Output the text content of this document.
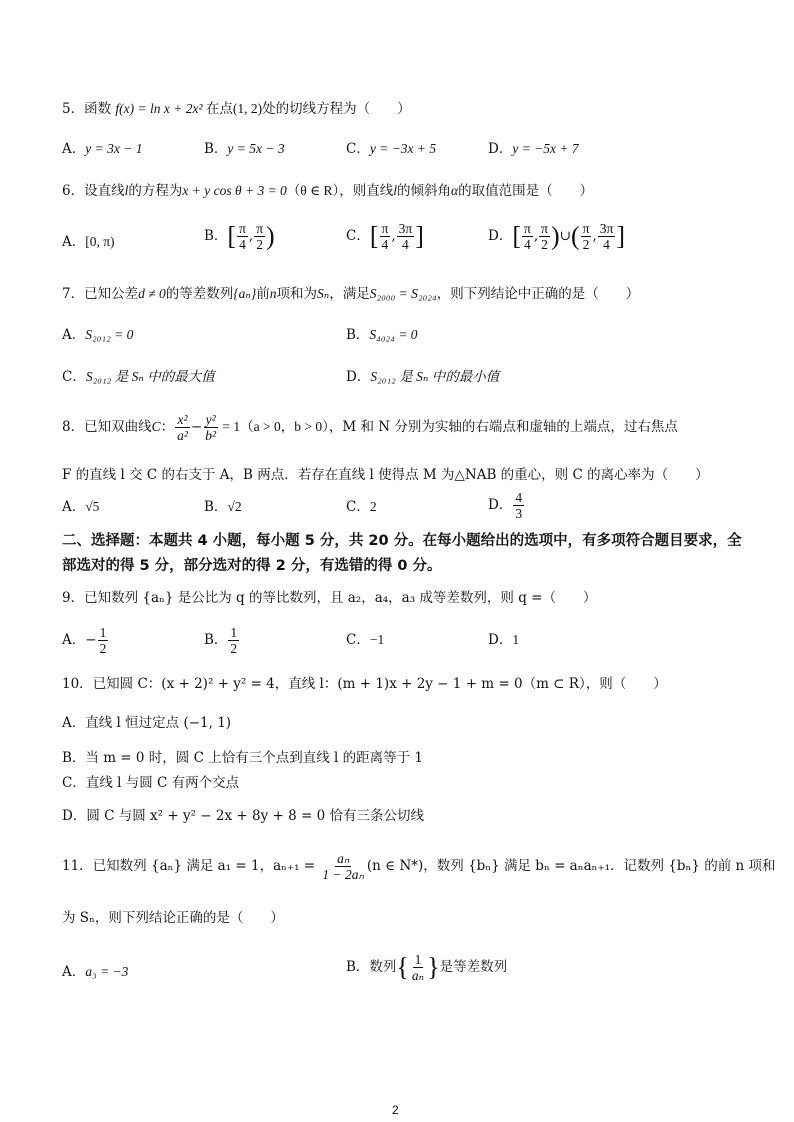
5．函数 f(x) = ln x + 2x² 在点(1, 2)处的切线方程为（　　）
A．y = 3x − 1	B．y = 5x − 3	C．y = −3x + 5	D．y = −5x + 7
6．设直线l的方程为x + y cos θ + 3 = 0（θ ∈ R），则直线l的倾斜角α的取值范围是（　　）
A．[0, π)	B．[ $\frac{\pi}{4}$ , $\frac{\pi}{2}$ )	C．[ $\frac{\pi}{4}$ , $\frac{3\pi}{4}$ ]	D．[ $\frac{\pi}{4}$ , $\frac{\pi}{2}$ )∪( $\frac{\pi}{2}$ , $\frac{3\pi}{4}$ ]
7．已知公差d ≠ 0的等差数列{aₙ}前n项和为Sₙ，满足S₂₀₀₀ = S₂₀₂₄，则下列结论中正确的是（　　）
A．S₂₀₁₂ = 0	B．S₄₀₂₄ = 0
C．S₂₀₁₂ 是 Sₙ 中的最大值	D．S₂₀₁₂ 是 Sₙ 中的最小值
8．已知双曲线C： $\frac{\text{x²}}{\text{a²}} - \frac{\text{y²}}{\text{b²}} = 1(a > 0$，b > 0），M 和 N 分别为实轴的右端点和虚轴的上端点，过右焦点
F 的直线 l 交 C 的右支于 A，B 两点．若存在直线 l 使得点 M 为△NAB 的重心，则 C 的离心率为（　　）
A．√5	B．√2	C．2	D． $\frac{4}{3}$
二、选择题：本题共 4 小题，每小题 5 分，共 20 分。在每小题给出的选项中，有多项符合题目要求，全部选对的得 5 分，部分选对的得 2 分，有选错的得 0 分。
9．已知数列 {aₙ} 是公比为 q 的等比数列，且 a₂，a₄，a₃ 成等差数列，则 q =（　　）
A．− $\frac{1}{2}$	B． $\frac{1}{2}$	C．−1	D．1
10．已知圆 C：(x + 2)² + y² = 4，直线 l：(m + 1)x + 2y − 1 + m = 0（m ⊂ R），则（　　）
A．直线 l 恒过定点 (−1, 1)
B．当 m = 0 时，圆 C 上恰有三个点到直线 l 的距离等于 1
C．直线 l 与圆 C 有两个交点
D．圆 C 与圆 x² + y² − 2x + 8y + 8 = 0 恰有三条公切线
11．已知数列 {aₙ} 满足 a₁ = 1，$a_{n+1} = \frac{\text{aₙ}}{\text{1 − 2aₙ}} (n$ ∈ N*)，数列 {bₙ} 满足 bₙ = aₙaₙ₊₁．记数列 {bₙ} 的前 n 项和
为 Sₙ，则下列结论正确的是（　　）
A．a₃ = −3	B．数列{ $\frac{1}{\text{aₙ}}$ }是等差数列
2
